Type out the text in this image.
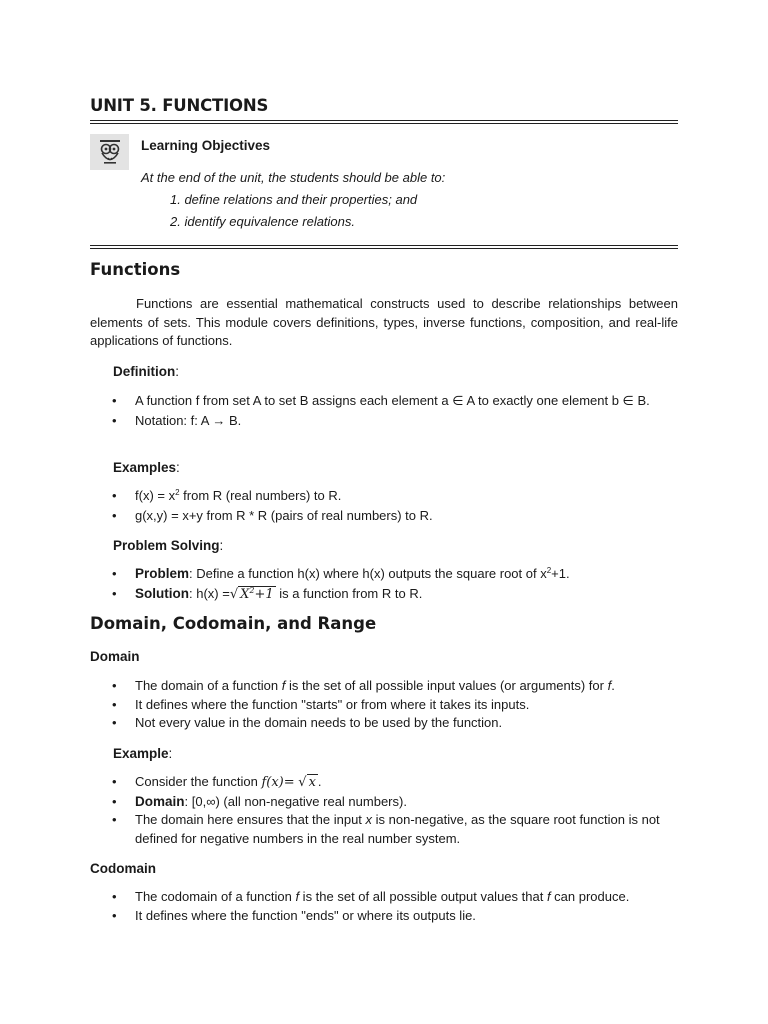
UNIT 5. FUNCTIONS
Learning Objectives
At the end of the unit, the students should be able to:
1. define relations and their properties; and
2. identify equivalence relations.
Functions
Functions are essential mathematical constructs used to describe relationships between elements of sets. This module covers definitions, types, inverse functions, composition, and real-life applications of functions.
Definition:
• A function f from set A to set B assigns each element a ∈ A to exactly one element b ∈ B.
• Notation: f: A → B.
Examples:
• $f(x) = x^2$ from R (real numbers) to R.
• g(x,y) = x+y from R * R (pairs of real numbers) to R.
Problem Solving:
• Problem: Define a function h(x) where h(x) outputs the square root of $x^2+1$.
• Solution: h(x) =√ $X^2+1$ is a function from R to R.
Domain, Codomain, and Range
Domain
• The domain of a function f is the set of all possible input values (or arguments) for f.
• It defines where the function "starts" or from where it takes its inputs.
• Not every value in the domain needs to be used by the function.
Example:
• Consider the function f(x)= √ x .
• Domain: [0,∞) (all non-negative real numbers).
• The domain here ensures that the input x is non-negative, as the square root function is not defined for negative numbers in the real number system.
Codomain
• The codomain of a function f is the set of all possible output values that f can produce.
• It defines where the function "ends" or where its outputs lie.
